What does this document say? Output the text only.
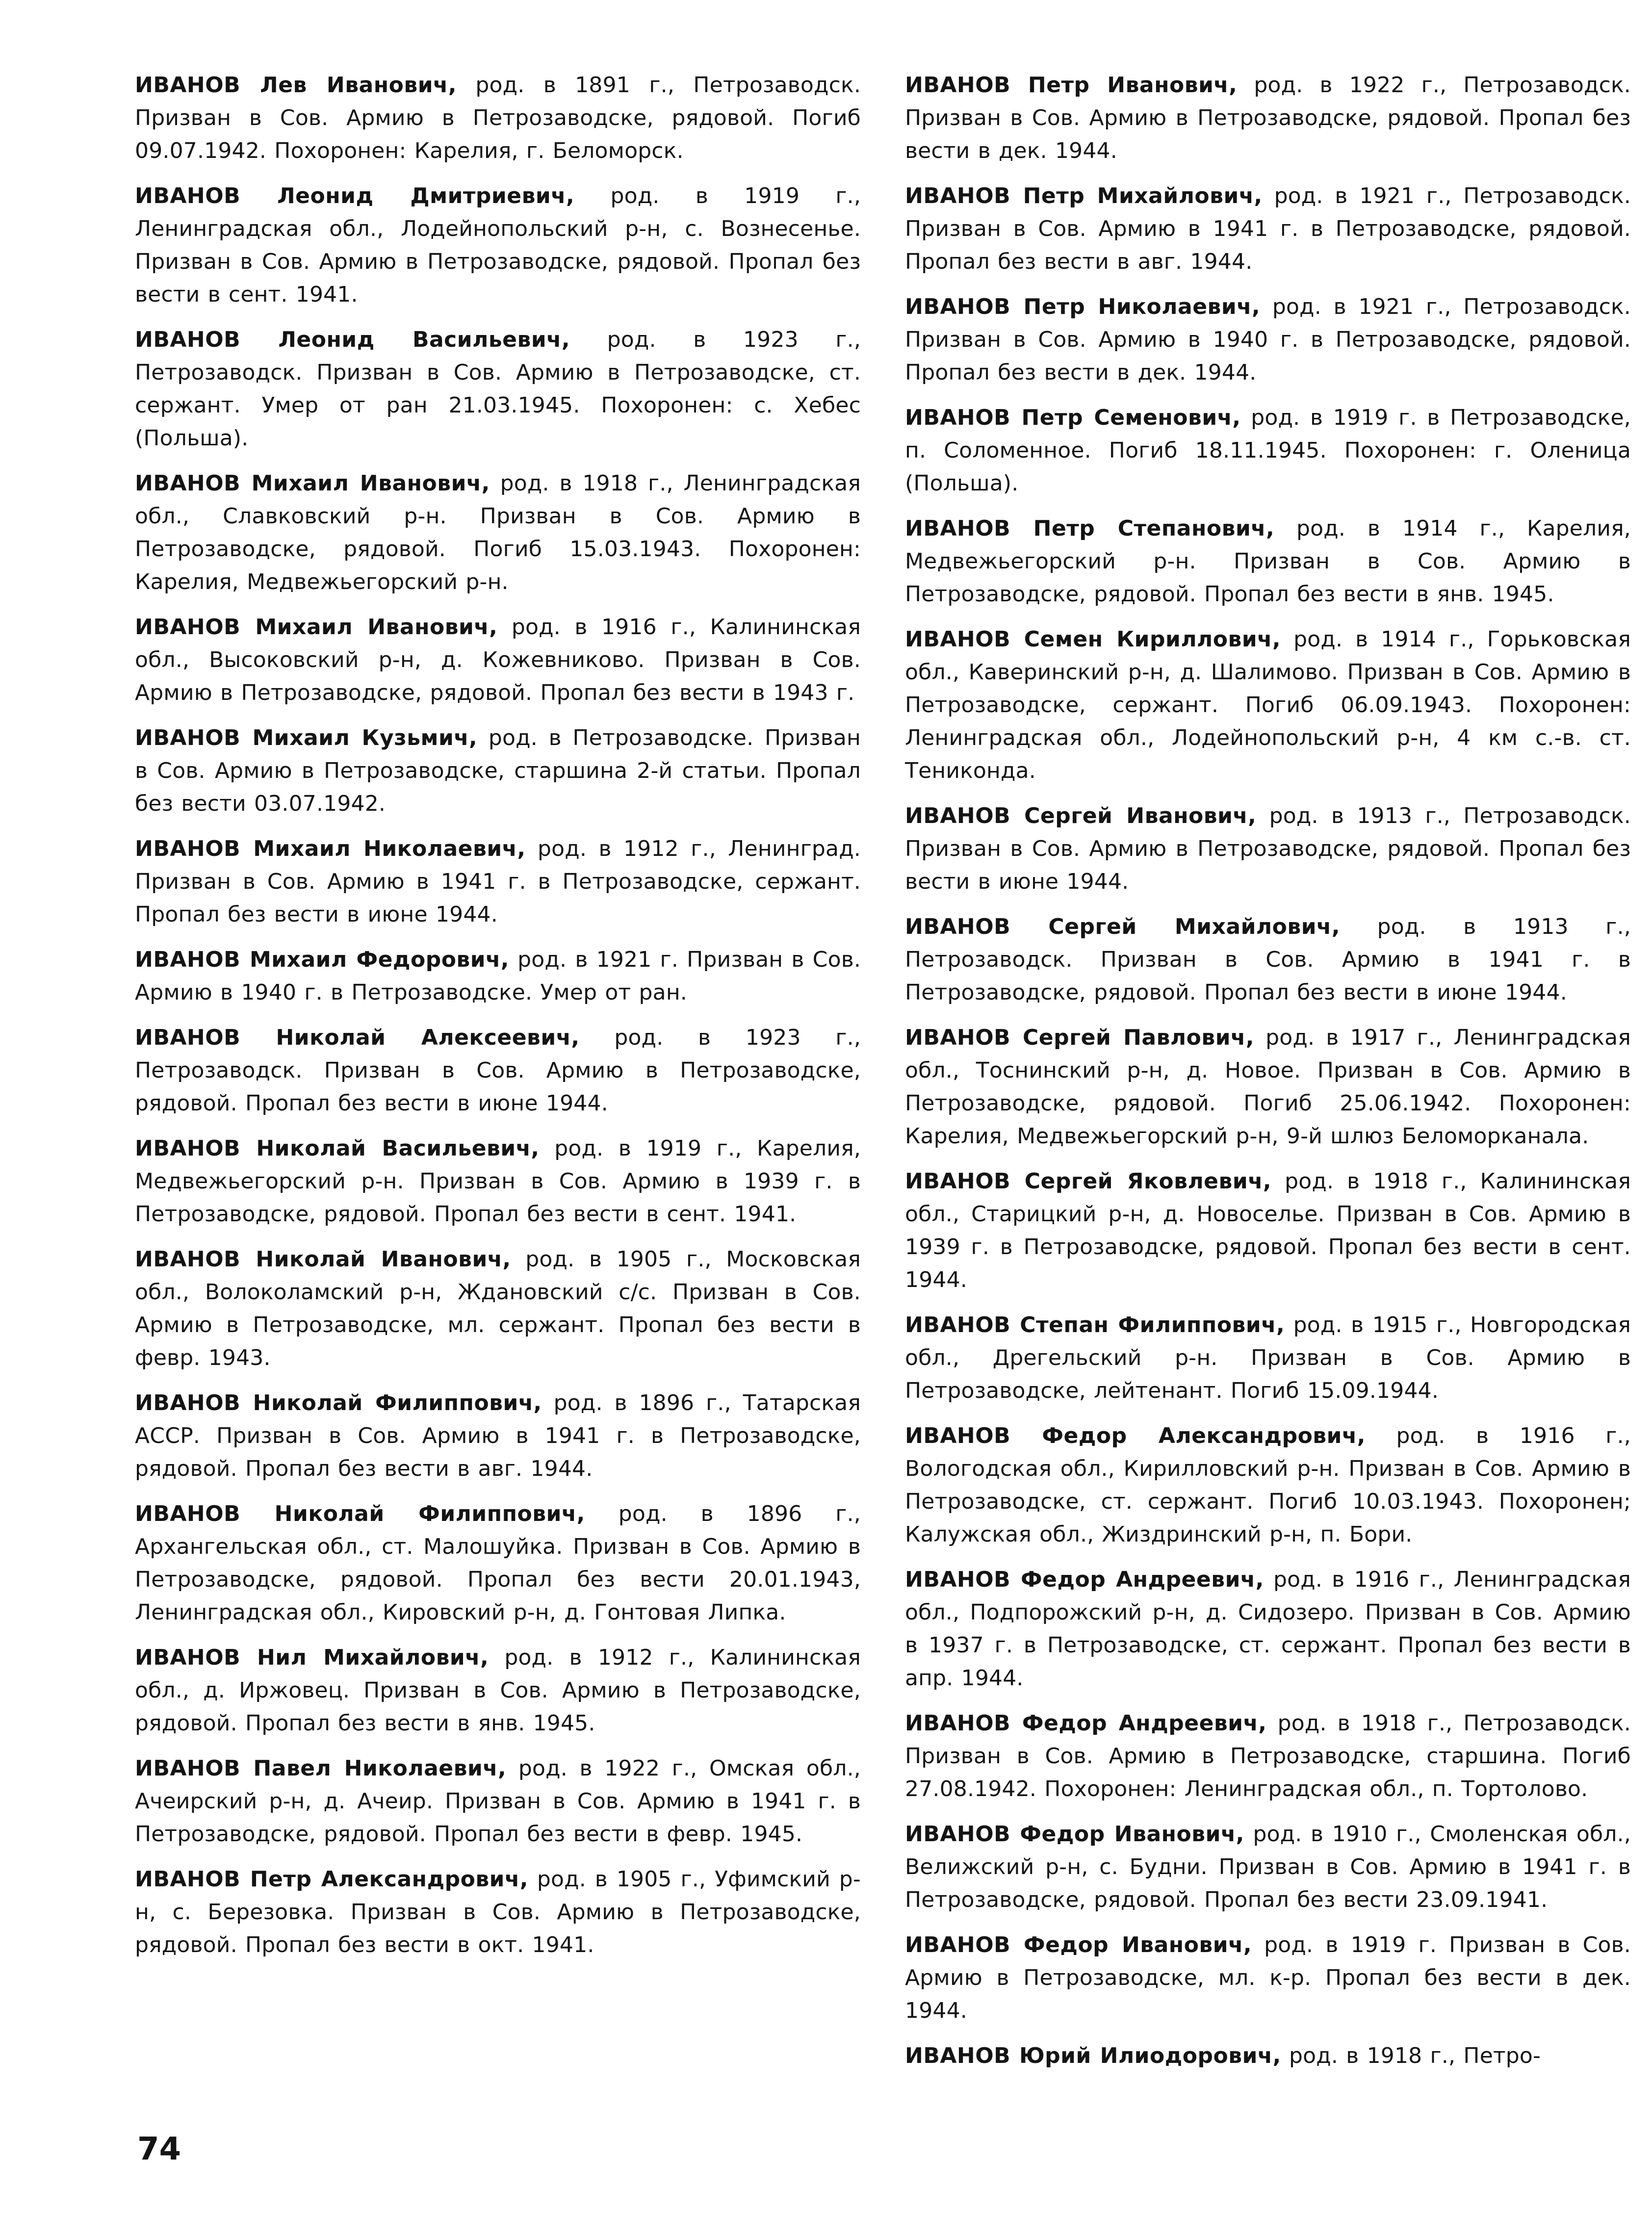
ИВАНОВ Лев Иванович, род. в 1891 г., Петрозаводск. Призван в Сов. Армию в Петрозаводске, рядовой. Погиб 09.07.1942. Похоронен: Карелия, г. Беломорск.

ИВАНОВ Леонид Дмитриевич, род. в 1919 г., Ленинградская обл., Лодейнопольский р-н, с. Вознесенье. Призван в Сов. Армию в Петрозаводске, рядовой. Пропал без вести в сент. 1941.

ИВАНОВ Леонид Васильевич, род. в 1923 г., Петрозаводск. Призван в Сов. Армию в Петрозаводске, ст. сержант. Умер от ран 21.03.1945. Похоронен: с. Хебес (Польша).

ИВАНОВ Михаил Иванович, род. в 1918 г., Ленинградская обл., Славковский р-н. Призван в Сов. Армию в Петрозаводске, рядовой. Погиб 15.03.1943. Похоронен: Карелия, Медвежьегорский р-н.

ИВАНОВ Михаил Иванович, род. в 1916 г., Калининская обл., Высоковский р-н, д. Кожевниково. Призван в Сов. Армию в Петрозаводске, рядовой. Пропал без вести в 1943 г.

ИВАНОВ Михаил Кузьмич, род. в Петрозаводске. Призван в Сов. Армию в Петрозаводске, старшина 2-й статьи. Пропал без вести 03.07.1942.

ИВАНОВ Михаил Николаевич, род. в 1912 г., Ленинград. Призван в Сов. Армию в 1941 г. в Петрозаводске, сержант. Пропал без вести в июне 1944.

ИВАНОВ Михаил Федорович, род. в 1921 г. Призван в Сов. Армию в 1940 г. в Петрозаводске. Умер от ран.

ИВАНОВ Николай Алексеевич, род. в 1923 г., Петрозаводск. Призван в Сов. Армию в Петрозаводске, рядовой. Пропал без вести в июне 1944.

ИВАНОВ Николай Васильевич, род. в 1919 г., Карелия, Медвежьегорский р-н. Призван в Сов. Армию в 1939 г. в Петрозаводске, рядовой. Пропал без вести в сент. 1941.

ИВАНОВ Николай Иванович, род. в 1905 г., Московская обл., Волоколамский р-н, Ждановский с/с. Призван в Сов. Армию в Петрозаводске, мл. сержант. Пропал без вести в февр. 1943.

ИВАНОВ Николай Филиппович, род. в 1896 г., Татарская АССР. Призван в Сов. Армию в 1941 г. в Петрозаводске, рядовой. Пропал без вести в авг. 1944.

ИВАНОВ Николай Филиппович, род. в 1896 г., Архангельская обл., ст. Малошуйка. Призван в Сов. Армию в Петрозаводске, рядовой. Пропал без вести 20.01.1943, Ленинградская обл., Кировский р-н, д. Гонтовая Липка.

ИВАНОВ Нил Михайлович, род. в 1912 г., Калининская обл., д. Иржовец. Призван в Сов. Армию в Петрозаводске, рядовой. Пропал без вести в янв. 1945.

ИВАНОВ Павел Николаевич, род. в 1922 г., Омская обл., Ачеирский р-н, д. Ачеир. Призван в Сов. Армию в 1941 г. в Петрозаводске, рядовой. Пропал без вести в февр. 1945.

ИВАНОВ Петр Александрович, род. в 1905 г., Уфимский р-н, с. Березовка. Призван в Сов. Армию в Петрозаводске, рядовой. Пропал без вести в окт. 1941.

ИВАНОВ Петр Иванович, род. в 1922 г., Петрозаводск. Призван в Сов. Армию в Петрозаводске, рядовой. Пропал без вести в дек. 1944.

ИВАНОВ Петр Михайлович, род. в 1921 г., Петрозаводск. Призван в Сов. Армию в 1941 г. в Петрозаводске, рядовой. Пропал без вести в авг. 1944.

ИВАНОВ Петр Николаевич, род. в 1921 г., Петрозаводск. Призван в Сов. Армию в 1940 г. в Петрозаводске, рядовой. Пропал без вести в дек. 1944.

ИВАНОВ Петр Семенович, род. в 1919 г. в Петрозаводске, п. Соломенное. Погиб 18.11.1945. Похоронен: г. Оленица (Польша).

ИВАНОВ Петр Степанович, род. в 1914 г., Карелия, Медвежьегорский р-н. Призван в Сов. Армию в Петрозаводске, рядовой. Пропал без вести в янв. 1945.

ИВАНОВ Семен Кириллович, род. в 1914 г., Горьковская обл., Каверинский р-н, д. Шалимово. Призван в Сов. Армию в Петрозаводске, сержант. Погиб 06.09.1943. Похоронен: Ленинградская обл., Лодейнопольский р-н, 4 км с.-в. ст. Тениконда.

ИВАНОВ Сергей Иванович, род. в 1913 г., Петрозаводск. Призван в Сов. Армию в Петрозаводске, рядовой. Пропал без вести в июне 1944.

ИВАНОВ Сергей Михайлович, род. в 1913 г., Петрозаводск. Призван в Сов. Армию в 1941 г. в Петрозаводске, рядовой. Пропал без вести в июне 1944.

ИВАНОВ Сергей Павлович, род. в 1917 г., Ленинградская обл., Тоснинский р-н, д. Новое. Призван в Сов. Армию в Петрозаводске, рядовой. Погиб 25.06.1942. Похоронен: Карелия, Медвежьегорский р-н, 9-й шлюз Беломорканала.

ИВАНОВ Сергей Яковлевич, род. в 1918 г., Калининская обл., Старицкий р-н, д. Новоселье. Призван в Сов. Армию в 1939 г. в Петрозаводске, рядовой. Пропал без вести в сент. 1944.

ИВАНОВ Степан Филиппович, род. в 1915 г., Новгородская обл., Дрегельский р-н. Призван в Сов. Армию в Петрозаводске, лейтенант. Погиб 15.09.1944.

ИВАНОВ Федор Александрович, род. в 1916 г., Вологодская обл., Кирилловский р-н. Призван в Сов. Армию в Петрозаводске, ст. сержант. Погиб 10.03.1943. Похоронен; Калужская обл., Жиздринский р-н, п. Бори.

ИВАНОВ Федор Андреевич, род. в 1916 г., Ленинградская обл., Подпорожский р-н, д. Сидозеро. Призван в Сов. Армию в 1937 г. в Петрозаводске, ст. сержант. Пропал без вести в апр. 1944.

ИВАНОВ Федор Андреевич, род. в 1918 г., Петрозаводск. Призван в Сов. Армию в Петрозаводске, старшина. Погиб 27.08.1942. Похоронен: Ленинградская обл., п. Тортолово.

ИВАНОВ Федор Иванович, род. в 1910 г., Смоленская обл., Велижский р-н, с. Будни. Призван в Сов. Армию в 1941 г. в Петрозаводске, рядовой. Пропал без вести 23.09.1941.

ИВАНОВ Федор Иванович, род. в 1919 г. Призван в Сов. Армию в Петрозаводске, мл. к-р. Пропал без вести в дек. 1944.

ИВАНОВ Юрий Илиодорович, род. в 1918 г., Петро-

74
